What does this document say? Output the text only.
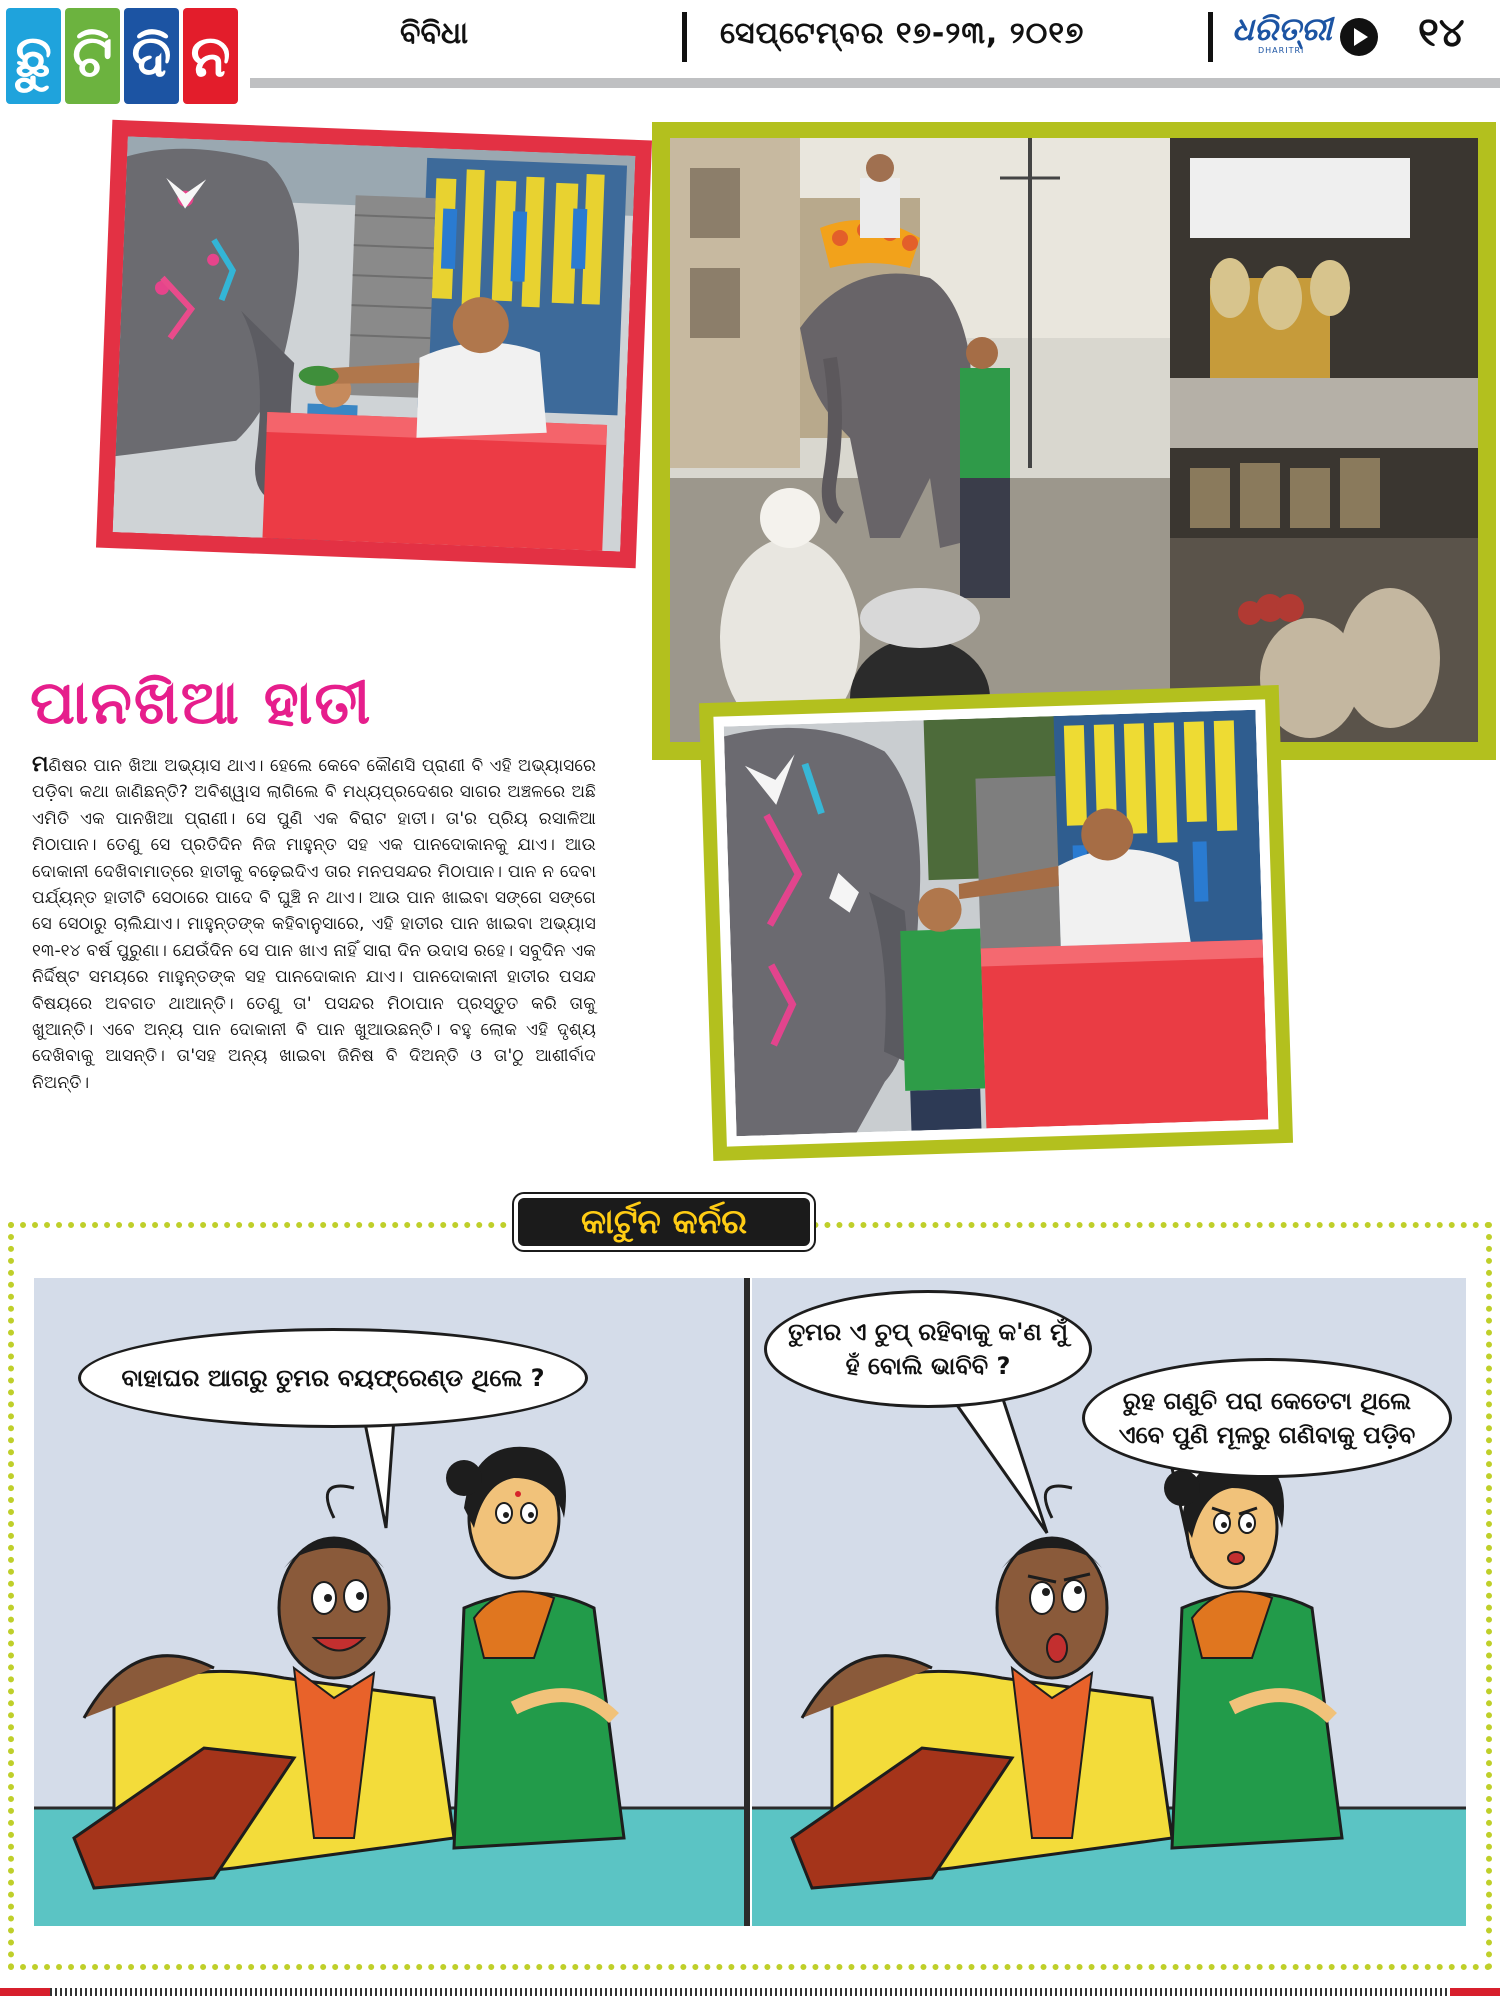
ଛୁ ଟି ଦି ନ	ବିବିଧା	ସେପ୍ଟେମ୍ବର ୧୭-୨୩, ୨୦୧୭	ଧରିତ୍ରୀ
DHARITRI	୧୪
ପାନଖିଆ ହାତୀ

ମଣିଷର ପାନ ଖିଆ ଅଭ୍ୟାସ ଥାଏ। ହେଲେ କେବେ କୌଣସି ପ୍ରାଣୀ ବି ଏହି ଅଭ୍ୟାସରେ ପଡ଼ିବା କଥା ଜାଣିଛନ୍ତି? ଅବିଶ୍ୱାସ ଲାଗିଲେ ବି ମଧ୍ୟପ୍ରଦେଶର ସାଗର ଅଞ୍ଚଳରେ ଅଛି ଏମିତି ଏକ ପାନଖିଆ ପ୍ରାଣୀ। ସେ ପୁଣି ଏକ ବିରାଟ ହାତୀ। ତା'ର ପ୍ରିୟ ରସାଳିଆ ମିଠାପାନ। ତେଣୁ ସେ ପ୍ରତିଦିନ ନିଜ ମାହୁନ୍ତ ସହ ଏକ ପାନଦୋକାନକୁ ଯାଏ। ଆଉ ଦୋକାନୀ ଦେଖିବାମାତ୍ରେ ହାତୀକୁ ବଢ଼େଇଦିଏ ତାର ମନପସନ୍ଦର ମିଠାପାନ। ପାନ ନ ଦେବା ପର୍ଯ୍ୟନ୍ତ ହାତୀଟି ସେଠାରେ ପାଦେ ବି ଘୁଞ୍ଚି ନ ଥାଏ। ଆଉ ପାନ ଖାଇବା ସଙ୍ଗେ ସଙ୍ଗେ ସେ ସେଠାରୁ ଚାଲିଯାଏ। ମାହୁନ୍ତଙ୍କ କହିବାନୁସାରେ, ଏହି ହାତୀର ପାନ ଖାଇବା ଅଭ୍ୟାସ ୧୩-୧୪ ବର୍ଷ ପୁରୁଣା। ଯେଉଁଦିନ ସେ ପାନ ଖାଏ ନାହିଁ ସାରା ଦିନ ଉଦାସ ରହେ। ସବୁଦିନ ଏକ ନିର୍ଦ୍ଦିଷ୍ଟ ସମୟରେ ମାହୁନ୍ତଙ୍କ ସହ ପାନଦୋକାନ ଯାଏ। ପାନଦୋକାନୀ ହାତୀର ପସନ୍ଦ ବିଷୟରେ ଅବଗତ ଥାଆନ୍ତି। ତେଣୁ ତା' ପସନ୍ଦର ମିଠାପାନ ପ୍ରସ୍ତୁତ କରି ତାକୁ ଖୁଆନ୍ତି। ଏବେ ଅନ୍ୟ ପାନ ଦୋକାନୀ ବି ପାନ ଖୁଆଉଛନ୍ତି। ବହୁ ଲୋକ ଏହି ଦୃଶ୍ୟ ଦେଖିବାକୁ ଆସନ୍ତି। ତା'ସହ ଅନ୍ୟ ଖାଇବା ଜିନିଷ ବି ଦିଅନ୍ତି ଓ ତା'ଠୁ ଆଶୀର୍ବାଦ ନିଅନ୍ତି।

କାର୍ଟୁନ କର୍ନର
ବାହାଘର ଆଗରୁ ତୁମର ବୟଫ୍ରେଣ୍ଡ ଥିଲେ ?
ତୁମର ଏ ଚୁପ୍ ରହିବାକୁ କ'ଣ ମୁଁ ହଁ ବୋଲି ଭାବିବି ?
ରୁହ ଗଣୁଚି ପରା କେତେଟା ଥିଲେ ଏବେ ପୁଣି ମୂଳରୁ ଗଣିବାକୁ ପଡ଼ିବ
